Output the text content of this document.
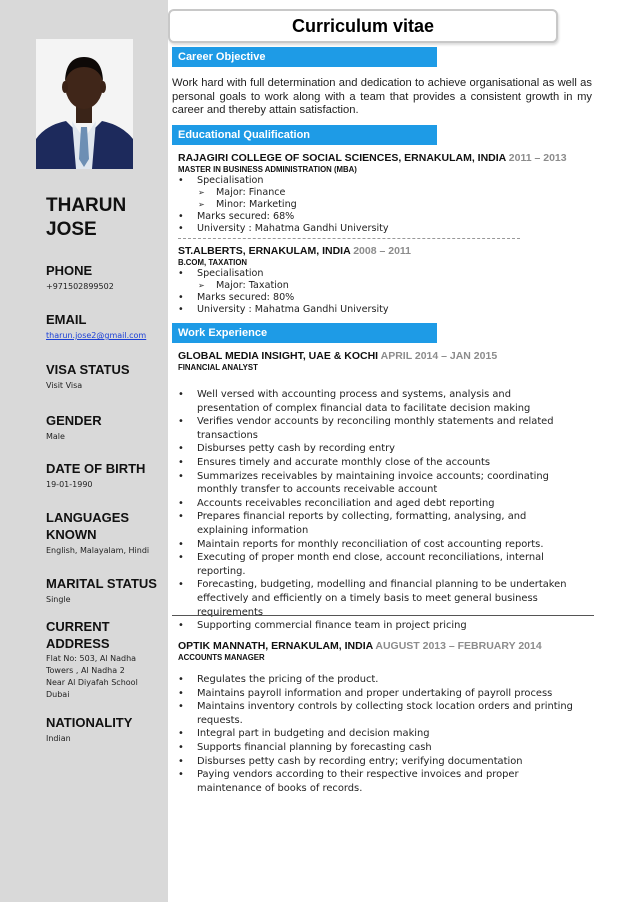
THARUN
JOSE
PHONE
+971502899502
EMAIL
tharun.jose2@gmail.com
VISA STATUS
Visit Visa
GENDER
Male
DATE OF BIRTH
19-01-1990
LANGUAGES KNOWN
English, Malayalam, Hindi
MARITAL STATUS
Single
CURRENT ADDRESS
Flat No: 503, Al Nadha
Towers , Al Nadha 2
Near Al Diyafah School
Dubai
NATIONALITY
Indian
Curriculum vitae
Career Objective
Work hard with full determination and dedication to achieve organisational as well as personal goals to work along with a team that provides a consistent growth in my career and thereby attain satisfaction.
Educational Qualification
RAJAGIRI COLLEGE OF SOCIAL SCIENCES, ERNAKULAM, INDIA 2011 – 2013
MASTER IN BUSINESS ADMINISTRATION (MBA)
• Specialisation
➢ Major: Finance
➢ Minor: Marketing
• Marks secured: 68%
• University : Mahatma Gandhi University
ST.ALBERTS, ERNAKULAM, INDIA 2008 – 2011
B.COM, TAXATION
• Specialisation
➢ Major: Taxation
• Marks secured: 80%
• University : Mahatma Gandhi University
Work Experience
GLOBAL MEDIA INSIGHT, UAE & KOCHI APRIL 2014 – JAN 2015
FINANCIAL ANALYST
• Well versed with accounting process and systems, analysis and presentation of complex financial data to facilitate decision making
• Verifies vendor accounts by reconciling monthly statements and related transactions
• Disburses petty cash by recording entry
• Ensures timely and accurate monthly close of the accounts
• Summarizes receivables by maintaining invoice accounts; coordinating monthly transfer to accounts receivable account
• Accounts receivables reconciliation and aged debt reporting
• Prepares financial reports by collecting, formatting, analysing, and explaining information
• Maintain reports for monthly reconciliation of cost accounting reports.
• Executing of proper month end close, account reconciliations, internal reporting.
• Forecasting, budgeting, modelling and financial planning to be undertaken effectively and efficiently on a timely basis to meet general business requirements
• Supporting commercial finance team in project pricing
OPTIK MANNATH, ERNAKULAM, INDIA AUGUST 2013 – FEBRUARY 2014
ACCOUNTS MANAGER
• Regulates the pricing of the product.
• Maintains payroll information and proper undertaking of payroll process
• Maintains inventory controls by collecting stock location orders and printing requests.
• Integral part in budgeting and decision making
• Supports financial planning by forecasting cash
• Disburses petty cash by recording entry; verifying documentation
• Paying vendors according to their respective invoices and proper maintenance of books of records.
